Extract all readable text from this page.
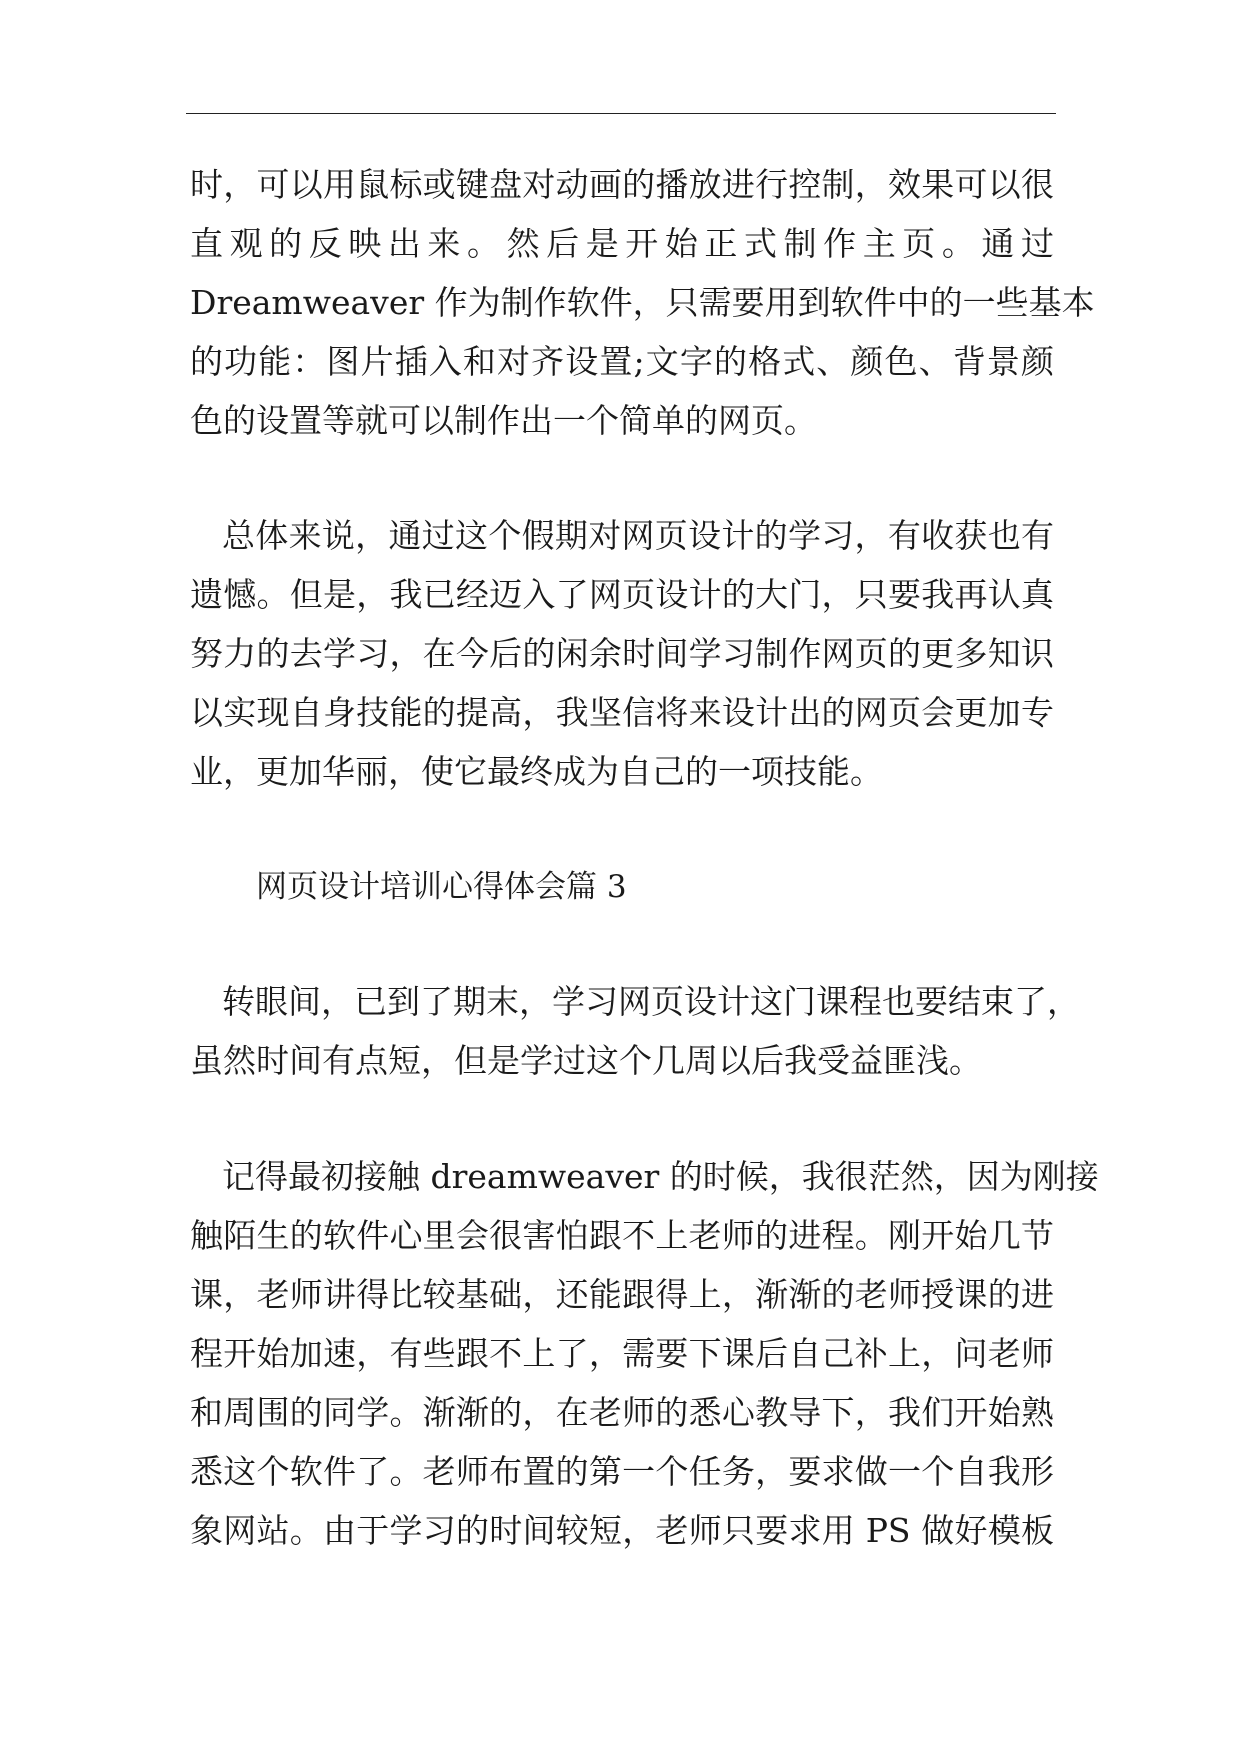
时，可以用鼠标或键盘对动画的播放进行控制，效果可以很
直观的反映出来。然后是开始正式制作主页。通过
Dreamweaver 作为制作软件，只需要用到软件中的一些基本
的功能：图片插入和对齐设置;文字的格式、颜色、背景颜
色的设置等就可以制作出一个简单的网页。
总体来说，通过这个假期对网页设计的学习，有收获也有
遗憾。但是，我已经迈入了网页设计的大门，只要我再认真
努力的去学习，在今后的闲余时间学习制作网页的更多知识
以实现自身技能的提高，我坚信将来设计出的网页会更加专
业，更加华丽，使它最终成为自己的一项技能。
网页设计培训心得体会篇 3
转眼间，已到了期末，学习网页设计这门课程也要结束了，
虽然时间有点短，但是学过这个几周以后我受益匪浅。
记得最初接触 dreamweaver 的时候，我很茫然，因为刚接
触陌生的软件心里会很害怕跟不上老师的进程。刚开始几节
课，老师讲得比较基础，还能跟得上，渐渐的老师授课的进
程开始加速，有些跟不上了，需要下课后自己补上，问老师
和周围的同学。渐渐的，在老师的悉心教导下，我们开始熟
悉这个软件了。老师布置的第一个任务，要求做一个自我形
象网站。由于学习的时间较短，老师只要求用 PS 做好模板
